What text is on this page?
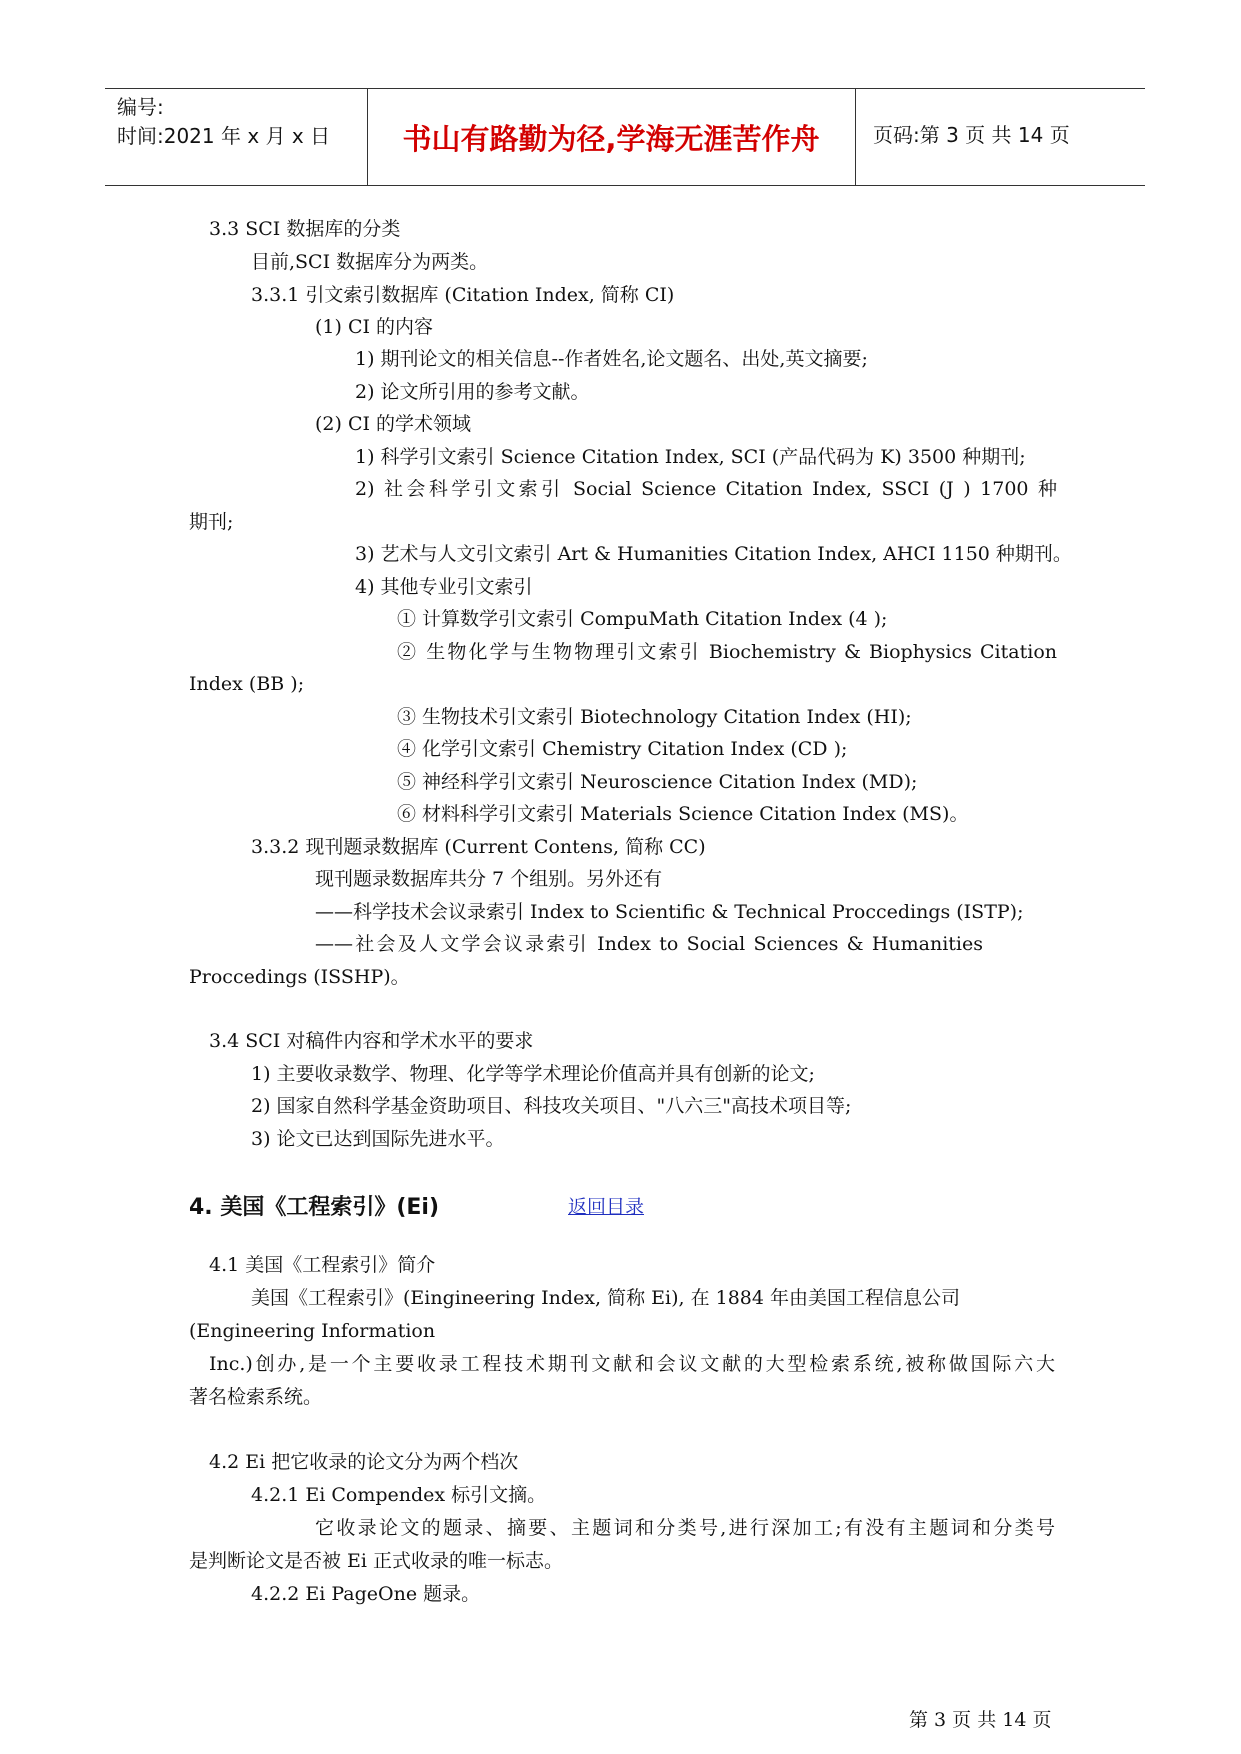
编号:
时间:2021 年 x 月 x 日	书山有路勤为径,学海无涯苦作舟	页码:第 3 页 共 14 页
3.3 SCI 数据库的分类
目前,SCI 数据库分为两类。
3.3.1 引文索引数据库 (Citation Index, 简称 CI)
(1) CI 的内容
1) 期刊论文的相关信息--作者姓名,论文题名、出处,英文摘要;
2) 论文所引用的参考文献。
(2) CI 的学术领域
1) 科学引文索引 Science Citation Index, SCI (产品代码为 K) 3500 种期刊;
2) 社会科学引文索引 Social Science Citation Index, SSCI (J ) 1700 种
期刊;
3) 艺术与人文引文索引 Art & Humanities Citation Index, AHCI 1150 种期刊。
4) 其他专业引文索引
① 计算数学引文索引 CompuMath Citation Index (4 );
② 生物化学与生物物理引文索引 Biochemistry & Biophysics Citation
Index (BB );
③ 生物技术引文索引 Biotechnology Citation Index (HI);
④ 化学引文索引 Chemistry Citation Index (CD );
⑤ 神经科学引文索引 Neuroscience Citation Index (MD);
⑥ 材料科学引文索引 Materials Science Citation Index (MS)。
3.3.2 现刊题录数据库 (Current Contens, 简称 CC)
现刊题录数据库共分 7 个组别。另外还有
——科学技术会议录索引 Index to Scientific & Technical Proccedings (ISTP);
——社会及人文学会议录索引 Index to Social Sciences & Humanities
Proccedings (ISSHP)。
3.4 SCI 对稿件内容和学术水平的要求
1) 主要收录数学、物理、化学等学术理论价值高并具有创新的论文;
2) 国家自然科学基金资助项目、科技攻关项目、"八六三"高技术项目等;
3) 论文已达到国际先进水平。
4. 美国《工程索引》(Ei)	返回目录
4.1 美国《工程索引》简介
美国《工程索引》(Eingineering Index, 简称 Ei), 在 1884 年由美国工程信息公司
(Engineering Information
Inc.)创办,是一个主要收录工程技术期刊文献和会议文献的大型检索系统,被称做国际六大
著名检索系统。
4.2 Ei 把它收录的论文分为两个档次
4.2.1 Ei Compendex 标引文摘。
它收录论文的题录、摘要、主题词和分类号,进行深加工;有没有主题词和分类号
是判断论文是否被 Ei 正式收录的唯一标志。
4.2.2 Ei PageOne 题录。
第 3 页 共 14 页
